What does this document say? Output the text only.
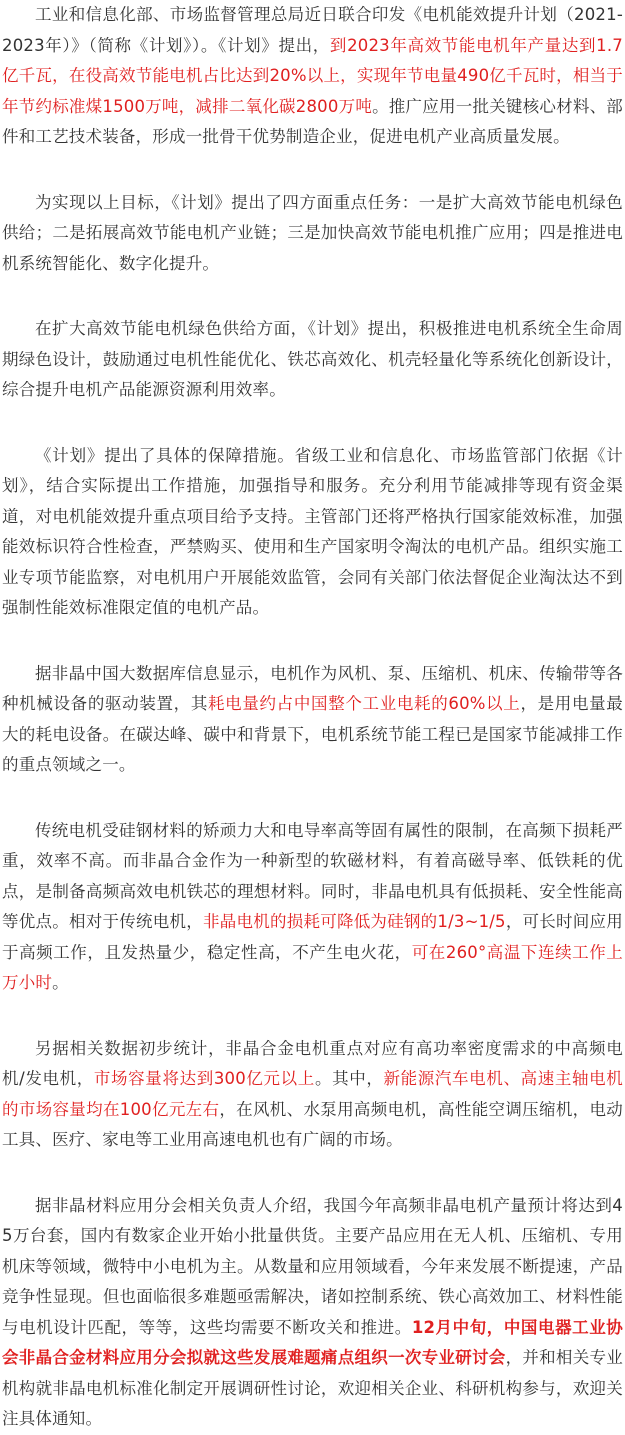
工业和信息化部、市场监督管理总局近日联合印发《电机能效提升计划（2021-2023年）》（简称《计划》）。《计划》提出，到2023年高效节能电机年产量达到1.7亿千瓦，在役高效节能电机占比达到20%以上，实现年节电量490亿千瓦时，相当于年节约标准煤1500万吨，减排二氧化碳2800万吨。推广应用一批关键核心材料、部件和工艺技术装备，形成一批骨干优势制造企业，促进电机产业高质量发展。

为实现以上目标，《计划》提出了四方面重点任务：一是扩大高效节能电机绿色供给；二是拓展高效节能电机产业链；三是加快高效节能电机推广应用；四是推进电机系统智能化、数字化提升。

在扩大高效节能电机绿色供给方面，《计划》提出，积极推进电机系统全生命周期绿色设计，鼓励通过电机性能优化、铁芯高效化、机壳轻量化等系统化创新设计，综合提升电机产品能源资源利用效率。

《计划》提出了具体的保障措施。省级工业和信息化、市场监管部门依据《计划》，结合实际提出工作措施，加强指导和服务。充分利用节能减排等现有资金渠道，对电机能效提升重点项目给予支持。主管部门还将严格执行国家能效标准，加强能效标识符合性检查，严禁购买、使用和生产国家明令淘汰的电机产品。组织实施工业专项节能监察，对电机用户开展能效监管，会同有关部门依法督促企业淘汰达不到强制性能效标准限定值的电机产品。

据非晶中国大数据库信息显示，电机作为风机、泵、压缩机、机床、传输带等各种机械设备的驱动装置，其耗电量约占中国整个工业电耗的60%以上，是用电量最大的耗电设备。在碳达峰、碳中和背景下，电机系统节能工程已是国家节能减排工作的重点领域之一。

传统电机受硅钢材料的矫顽力大和电导率高等固有属性的限制，在高频下损耗严重，效率不高。而非晶合金作为一种新型的软磁材料，有着高磁导率、低铁耗的优点，是制备高频高效电机铁芯的理想材料。同时，非晶电机具有低损耗、安全性能高等优点。相对于传统电机，非晶电机的损耗可降低为硅钢的1/3~1/5，可长时间应用于高频工作，且发热量少，稳定性高，不产生电火花，可在260°高温下连续工作上万小时。

另据相关数据初步统计，非晶合金电机重点对应有高功率密度需求的中高频电机/发电机，市场容量将达到300亿元以上。其中，新能源汽车电机、高速主轴电机的市场容量均在100亿元左右，在风机、水泵用高频电机，高性能空调压缩机，电动工具、医疗、家电等工业用高速电机也有广阔的市场。

据非晶材料应用分会相关负责人介绍，我国今年高频非晶电机产量预计将达到45万台套，国内有数家企业开始小批量供货。主要产品应用在无人机、压缩机、专用机床等领域，微特中小电机为主。从数量和应用领域看，今年来发展不断提速，产品竞争性显现。但也面临很多难题亟需解决，诸如控制系统、铁心高效加工、材料性能与电机设计匹配，等等，这些均需要不断攻关和推进。12月中旬，中国电器工业协会非晶合金材料应用分会拟就这些发展难题痛点组织一次专业研讨会，并和相关专业机构就非晶电机标准化制定开展调研性讨论，欢迎相关企业、科研机构参与，欢迎关注具体通知。
